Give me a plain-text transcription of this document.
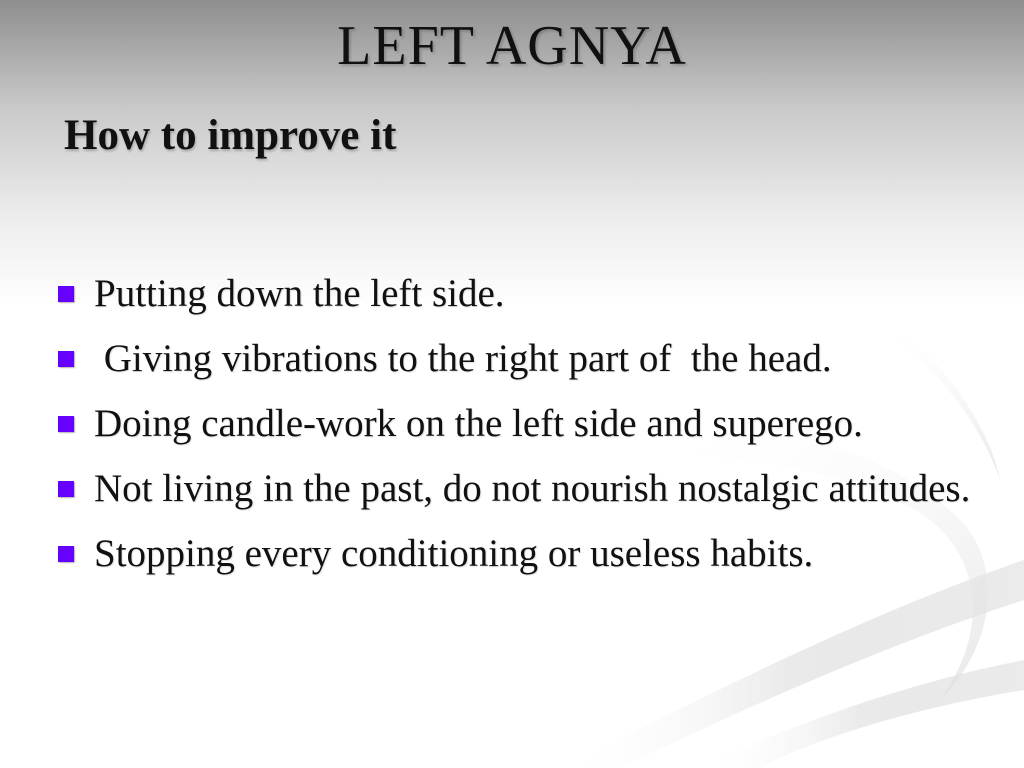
LEFT AGNYA
How to improve it
Putting down the left side.
Giving vibrations to the right part of  the head.
Doing candle-work on the left side and superego.
Not living in the past, do not nourish nostalgic attitudes.
Stopping every conditioning or useless habits.
